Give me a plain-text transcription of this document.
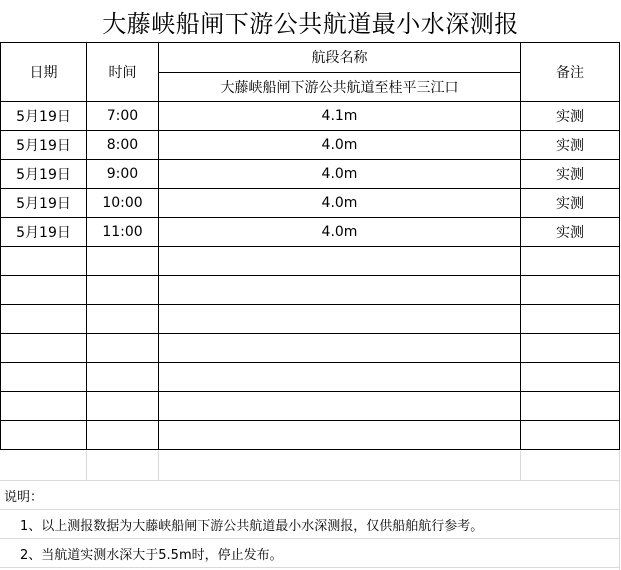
大藤峡船闸下游公共航道最小水深测报
日期	时间	航段名称	备注
		大藤峡船闸下游公共航道至桂平三江口	
5月19日	7:00	4.1m	实测
5月19日	8:00	4.0m	实测
5月19日	9:00	4.0m	实测
5月19日	10:00	4.0m	实测
5月19日	11:00	4.0m	实测

说明：
1、以上测报数据为大藤峡船闸下游公共航道最小水深测报，仅供船舶航行参考。
2、当航道实测水深大于5.5m时，停止发布。
